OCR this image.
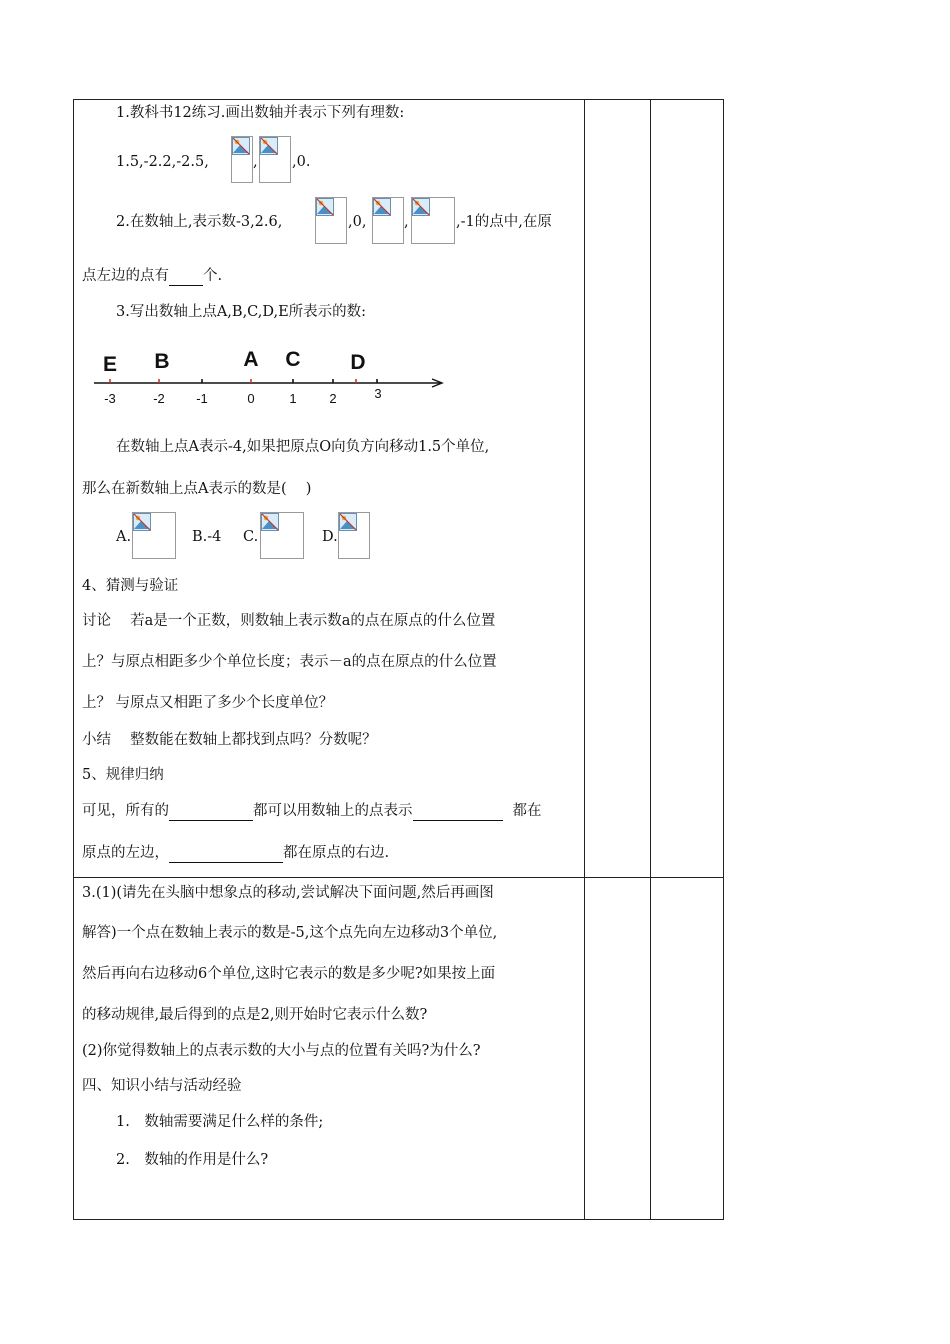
1.教科书12练习.画出数轴并表示下列有理数:
1.5,-2.2,-2.5,	, ,0.
2.在数轴上,表示数-3,2.6,	,0,	,	,-1的点中,在原
点左边的点有 个.
3.写出数轴上点A,B,C,D,E所表示的数:
-3	-2 -1	0	1	2	3
E B	A C D
在数轴上点A表示-4,如果把原点O向负方向移动1.5个单位,
那么在新数轴上点A表示的数是(　 )
A.	B.-4 C.	D.
4、猜测与验证
讨论　 若a是一个正数，则数轴上表示数a的点在原点的什么位置
上？与原点相距多少个单位长度；表示－a的点在原点的什么位置
上？ 与原点又相距了多少个长度单位？
小结　 整数能在数轴上都找到点吗？分数呢？
5、规律归纳
可见，所有的	都可以用数轴上的点表示	都在
原点的左边，	都在原点的右边.
3.(1)(请先在头脑中想象点的移动,尝试解决下面问题,然后再画图
解答)一个点在数轴上表示的数是-5,这个点先向左边移动3个单位,
然后再向右边移动6个单位,这时它表示的数是多少呢?如果按上面
的移动规律,最后得到的点是2,则开始时它表示什么数?
(2)你觉得数轴上的点表示数的大小与点的位置有关吗?为什么?
四、知识小结与活动经验
1.　数轴需要满足什么样的条件;
2.　数轴的作用是什么?
